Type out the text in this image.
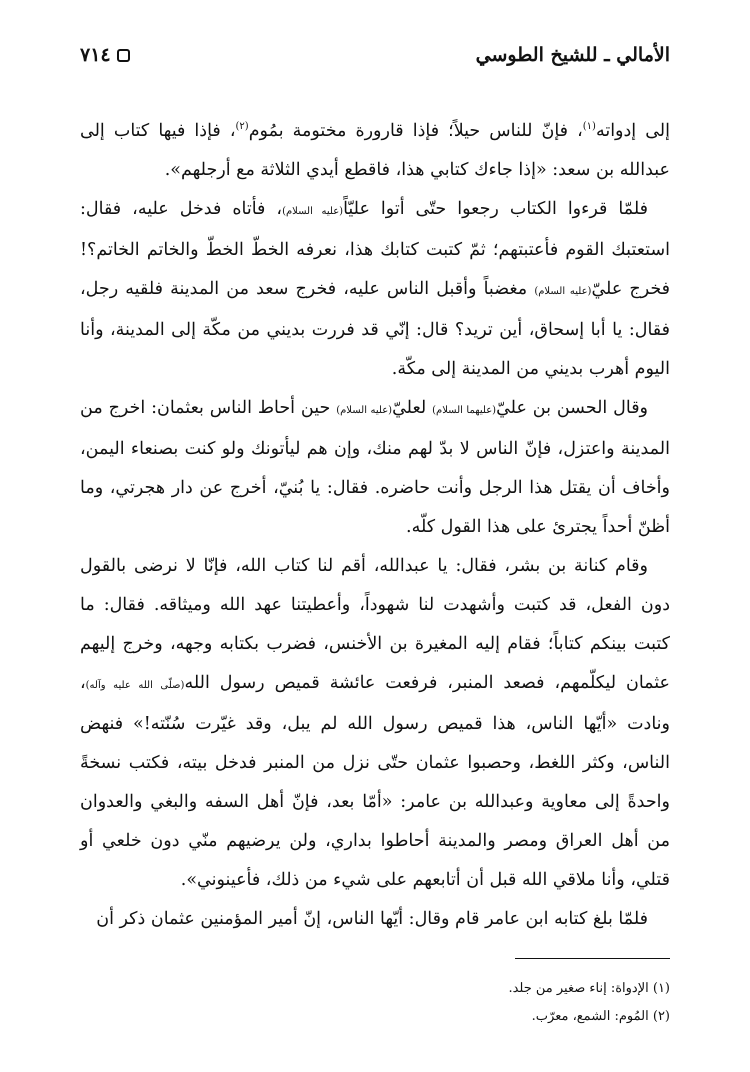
٧١٤	الأمالي ـ للشيخ الطوسي

إلى إدواته$^{(١)}$، فإنّ للناس حيلاً؛ فإذا قارورة مختومة بمُوم$^{(٢)}$، فإذا فيها كتاب إلى عبدالله بن سعد: «إذا جاءك كتابي هذا، فاقطع أيدي الثلاثة مع أرجلهم».

فلمّا قرءوا الكتاب رجعوا حتّى أتوا عليّاً(عليه السلام)، فأتاه فدخل عليه، فقال: استعتبك القوم فأعتبتهم؛ ثمّ كتبت كتابك هذا، نعرفه الخطّ الخطّ والخاتم الخاتم؟! فخرج عليّ(عليه السلام) مغضباً وأقبل الناس عليه، فخرج سعد من المدينة فلقيه رجل، فقال: يا أبا إسحاق، أين تريد؟ قال: إنّي قد فررت بديني من مكّة إلى المدينة، وأنا اليوم أهرب بديني من المدينة إلى مكّة.

وقال الحسن بن عليّ(عليهما السلام) لعليّ(عليه السلام) حين أحاط الناس بعثمان: اخرج من المدينة واعتزل، فإنّ الناس لا بدّ لهم منك، وإن هم ليأتونك ولو كنت بصنعاء اليمن، وأخاف أن يقتل هذا الرجل وأنت حاضره. فقال: يا بُنيّ، أخرج عن دار هجرتي، وما أظنّ أحداً يجترئ على هذا القول كلّه.

وقام كنانة بن بشر، فقال: يا عبدالله، أقم لنا كتاب الله، فإنّا لا نرضى بالقول دون الفعل، قد كتبت وأشهدت لنا شهوداً، وأعطيتنا عهد الله وميثاقه. فقال: ما كتبت بينكم كتاباً؛ فقام إليه المغيرة بن الأخنس، فضرب بكتابه وجهه، وخرج إليهم عثمان ليكلّمهم، فصعد المنبر، فرفعت عائشة قميص رسول الله(صلّى الله عليه وآله)، ونادت «أيّها الناس، هذا قميص رسول الله لم يبل، وقد غيّرت سُنّته!» فنهض الناس، وكثر اللغط، وحصبوا عثمان حتّى نزل من المنبر فدخل بيته، فكتب نسخةً واحدةً إلى معاوية وعبدالله بن عامر: «أمّا بعد، فإنّ أهل السفه والبغي والعدوان من أهل العراق ومصر والمدينة أحاطوا بداري، ولن يرضيهم منّي دون خلعي أو قتلي، وأنا ملاقي الله قبل أن أتابعهم على شيء من ذلك، فأعينوني».

فلمّا بلغ كتابه ابن عامر قام وقال: أيّها الناس، إنّ أمير المؤمنين عثمان ذكر أن

(١) الإدواة: إناء صغير من جلد.

(٢) المُوم: الشمع، معرّب.
